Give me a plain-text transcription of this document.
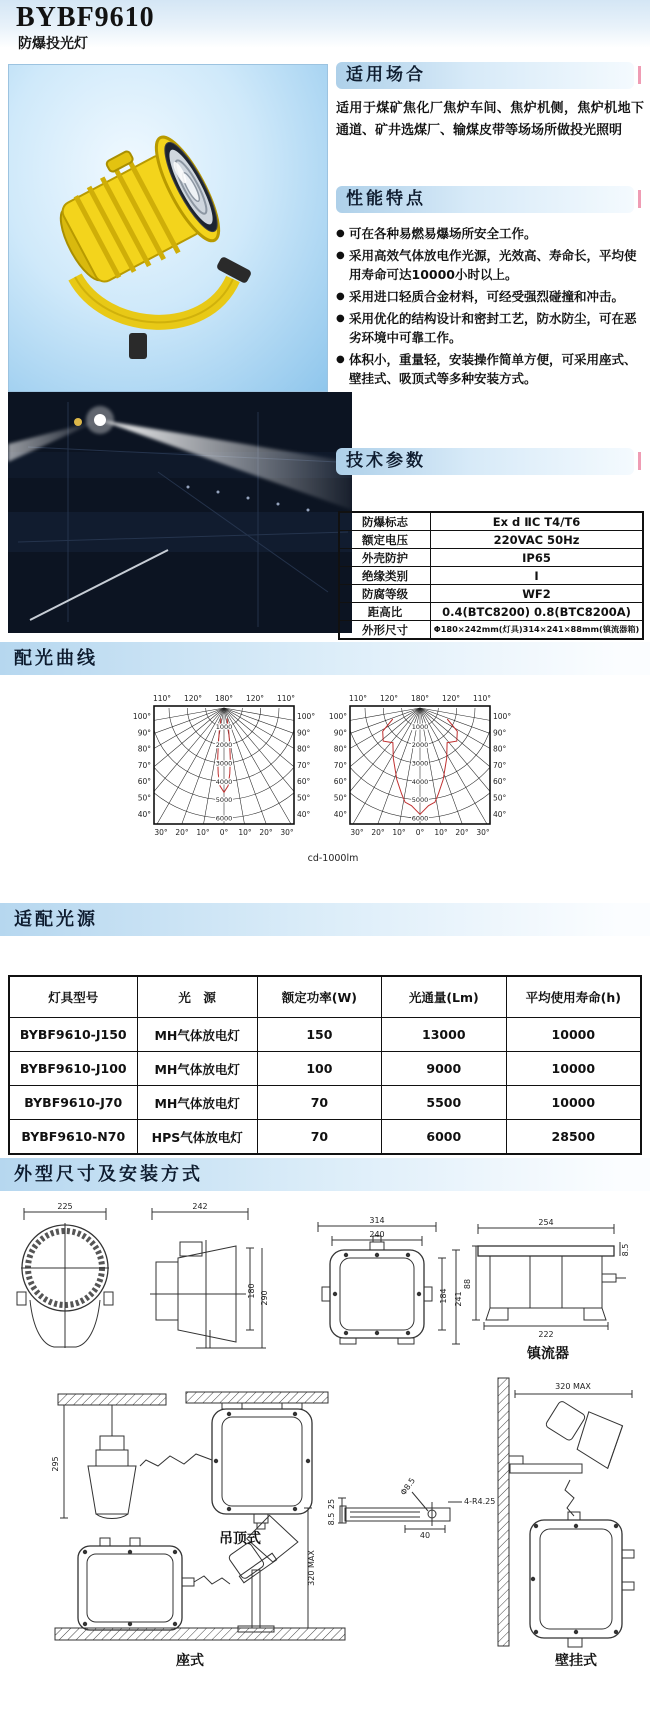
BYBF9610
防爆投光灯
适用场合
适用于煤矿焦化厂焦炉车间、焦炉机侧，焦炉机地下通道、矿井选煤厂、输煤皮带等场场所做投光照明
性能特点
● 可在各种易燃易爆场所安全工作。
● 采用高效气体放电作光源，光效高、寿命长，平均使用寿命可达10000小时以上。
● 采用进口轻质合金材料，可经受强烈碰撞和冲击。
● 采用优化的结构设计和密封工艺，防水防尘，可在恶劣环境中可靠工作。
● 体积小，重量轻，安装操作简单方便，可采用座式、壁挂式、吸顶式等多种安装方式。
技术参数
防爆标志	Ex d ⅡC T4/T6
额定电压	220VAC 50Hz
外壳防护	IP65
绝缘类别	I
防腐等级	WF2
距高比	0.4(BTC8200) 0.8(BTC8200A)
外形尺寸	Φ180×242mm(灯具)314×241×88mm(镇流器箱)
配光曲线
1000
2000
3000
4000
5000
6000
110° 120° 180° 120° 110°
100°	100°
90°	90°
80°	80°
70°	70°
60°	60°
50°	50°
40°	40°
30° 20° 10° 0° 10° 20° 30°
1000
2000
3000
4000
5000
6000
110° 120° 180° 120° 110°
100°	100°
90°	90°
80°	80°
70°	70°
60°	60°
50°	50°
40°	40°
30° 20° 10° 0° 10° 20° 30°
cd-1000lm
适配光源
灯具型号	光　源	额定功率(W)	光通量(Lm)	平均使用寿命(h)
BYBF9610-J150	MH气体放电灯	150	13000	10000
BYBF9610-J100	MH气体放电灯	100	9000	10000
BYBF9610-J70	MH气体放电灯	70	5500	10000
BYBF9610-N70	HPS气体放电灯	70	6000	28500
外型尺寸及安装方式
225	242
180 290
314
240
184 241
254
8.5
88
222
镇流器
295
吊顶式
Φ8.5
4-R4.25
25
8.5
40
320 MAX
壁挂式
320 MAX
座式
